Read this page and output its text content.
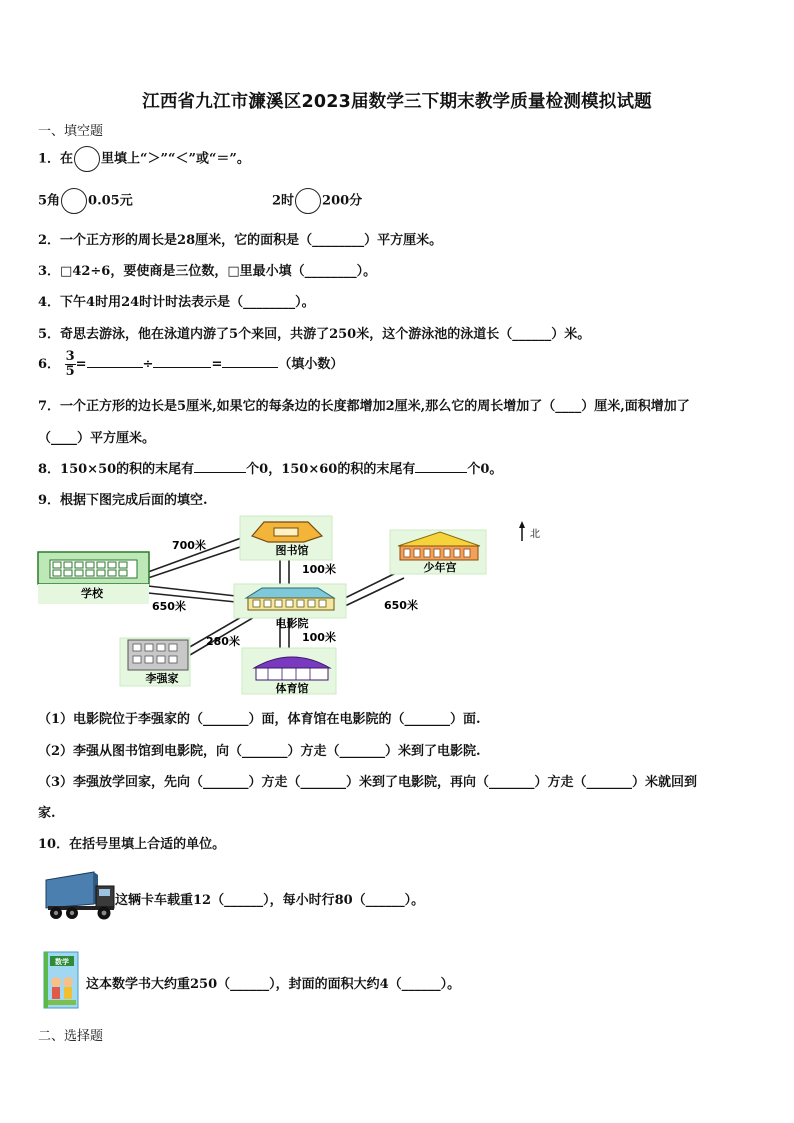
江西省九江市濂溪区2023届数学三下期末教学质量检测模拟试题
一、填空题
1．在 里填上“＞”“＜”或“＝”。
5角 0.05元	2时 200分
2．一个正方形的周长是28厘米，它的面积是（________）平方厘米。
3．□42÷6，要使商是三位数，□里最小填（________）。
4．下午4时用24时计时法表示是（________）。
5．奇思去游泳，他在泳道内游了5个来回，共游了250米，这个游泳池的泳道长（______）米。
6． $\frac{3}{5}$ =	÷	=	（填小数）
7．一个正方形的边长是5厘米,如果它的每条边的长度都增加2厘米,那么它的周长增加了（____）厘米,面积增加了
（____）平方厘米。
8．150×50的积的末尾有	个0，150×60的积的末尾有	个0。
9．根据下图完成后面的填空.
学校
图书馆
少年宫
北
电影院
李强家
体育馆
700米
100米
650米	650米
280米	100米
（1）电影院位于李强家的（_______）面，体育馆在电影院的（_______）面.
（2）李强从图书馆到电影院，向（_______）方走（_______）米到了电影院.
（3）李强放学回家，先向（_______）方走（_______）米到了电影院，再向（_______）方走（_______）米就回到
家.
10．在括号里填上合适的单位。
这辆卡车载重12（______），每小时行80（______）。
数学
这本数学书大约重250（______），封面的面积大约4（______）。
二、选择题
